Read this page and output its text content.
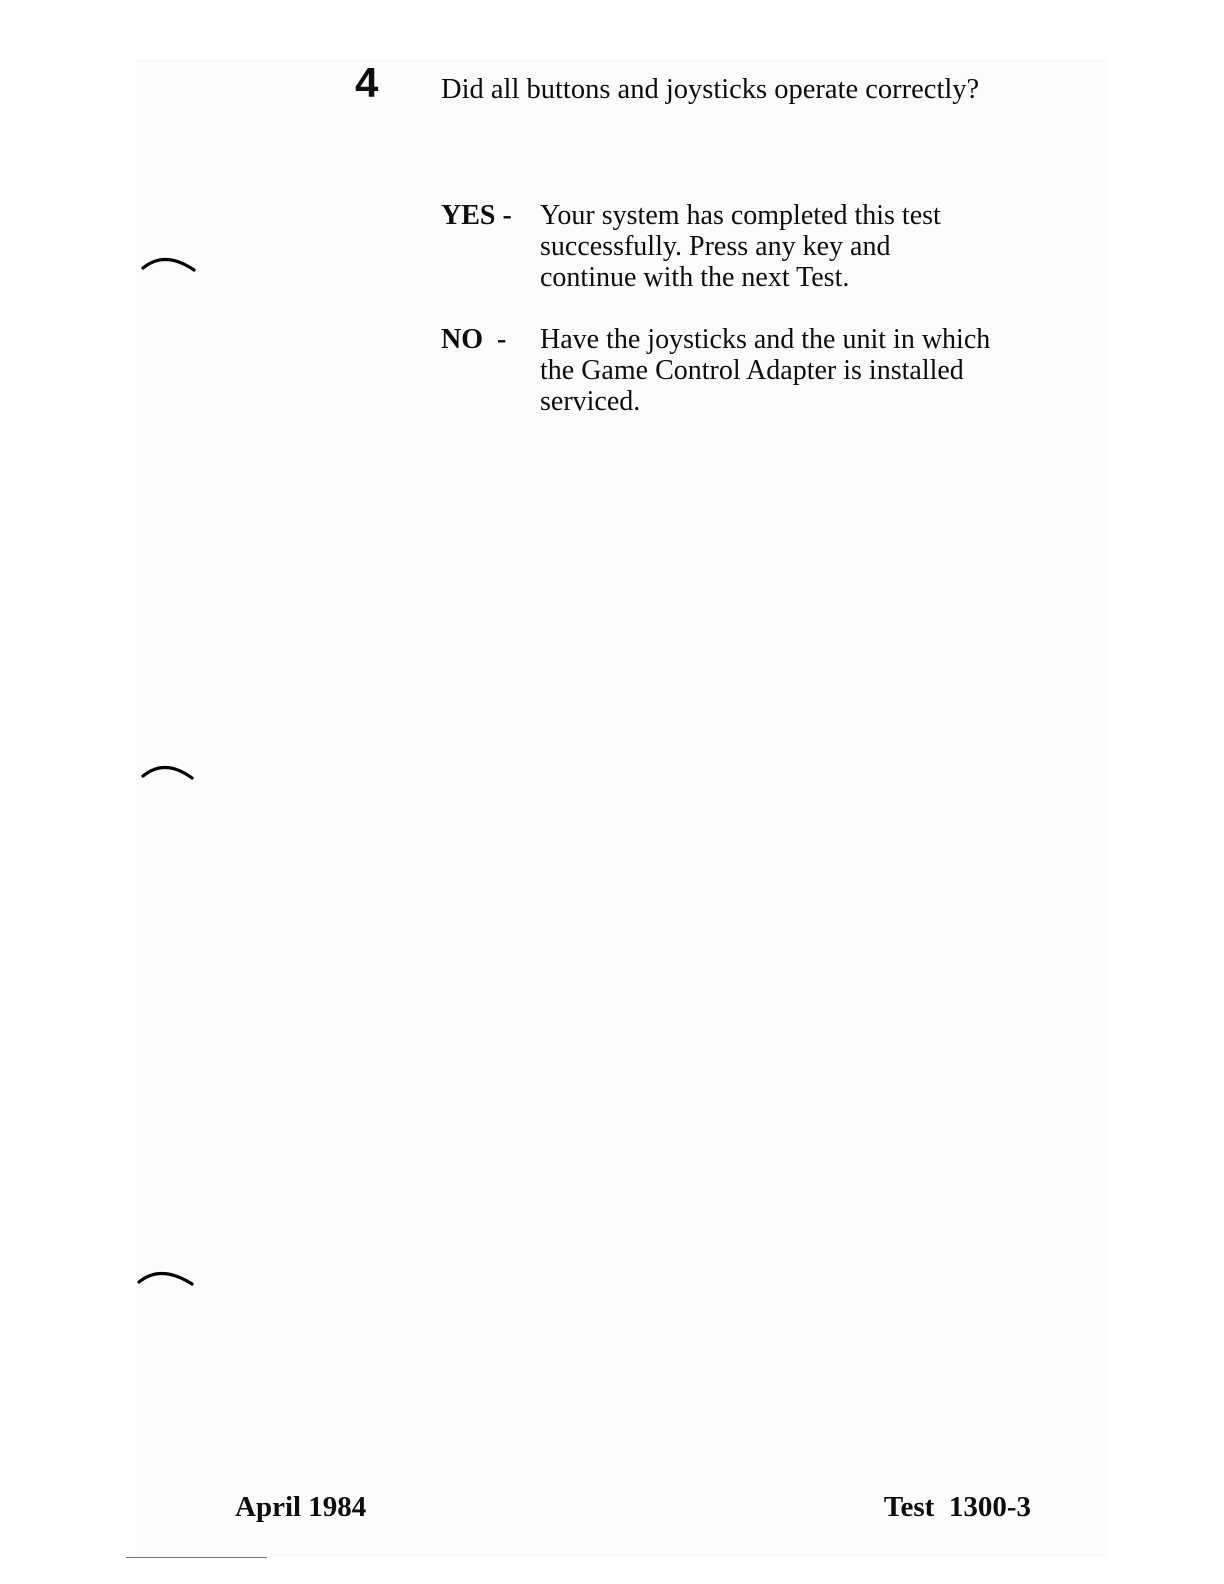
4 Did all buttons and joysticks operate correctly?
YES - Your system has completed this test
successfully. Press any key and
continue with the next Test.
NO  - Have the joysticks and the unit in which
the Game Control Adapter is installed
serviced.
April 1984	Test  1300-3
